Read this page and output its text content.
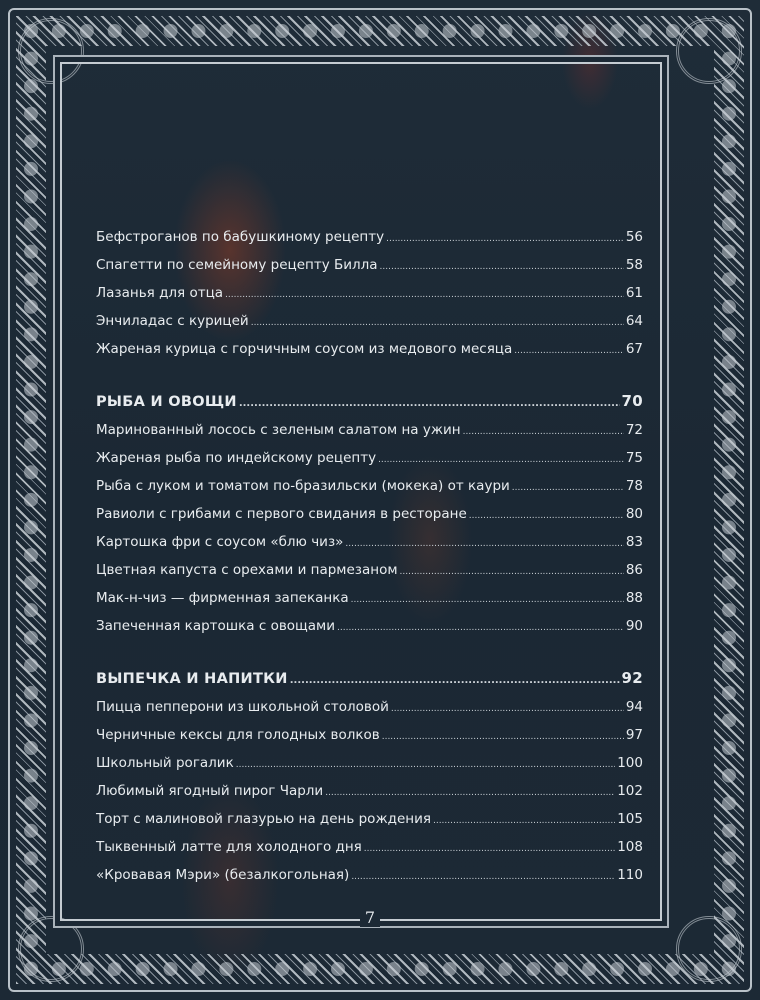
Бефстроганов по бабушкиному рецепту .....	56
Спагетти по семейному рецепту Билла .....	58
Лазанья для отца .....	61
Энчиладас с курицей .....	64
Жареная курица с горчичным соусом из медового месяца .....	67
РЫБА И ОВОЩИ .....	70
Маринованный лосось с зеленым салатом на ужин .....	72
Жареная рыба по индейскому рецепту .....	75
Рыба с луком и томатом по-бразильски (мокека) от каури .....	78
Равиоли с грибами с первого свидания в ресторане .....	80
Картошка фри с соусом «блю чиз» .....	83
Цветная капуста с орехами и пармезаном .....	86
Мак-н-чиз — фирменная запеканка .....	88
Запеченная картошка с овощами .....	90
ВЫПЕЧКА И НАПИТКИ .....	92
Пицца пепперони из школьной столовой .....	94
Черничные кексы для голодных волков .....	97
Школьный рогалик .....	100
Любимый ягодный пирог Чарли .....	102
Торт с малиновой глазурью на день рождения .....	105
Тыквенный латте для холодного дня .....	108
«Кровавая Мэри» (безалкогольная) .....	110
7
